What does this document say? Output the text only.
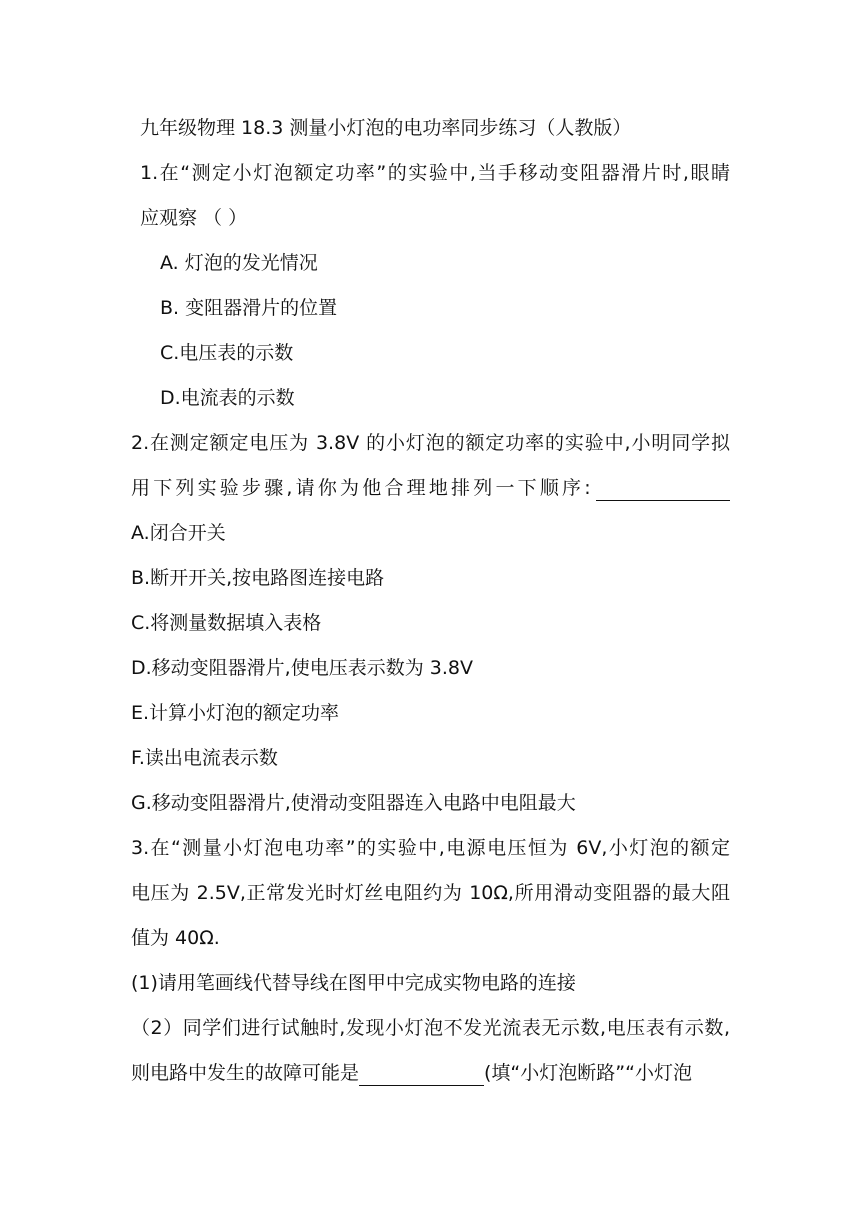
九年级物理 18.3 测量小灯泡的电功率同步练习（人教版）
1.在“测定小灯泡额定功率”的实验中,当手移动变阻器滑片时,眼睛
应观察 （ ）
A. 灯泡的发光情况
B. 变阻器滑片的位置
C.电压表的示数
D.电流表的示数
2.在测定额定电压为 3.8V 的小灯泡的额定功率的实验中,小明同学拟
用下列实验步骤,请你为他合理地排列一下顺序:
A.闭合开关
B.断开开关,按电路图连接电路
C.将测量数据填入表格
D.移动变阻器滑片,使电压表示数为 3.8V
E.计算小灯泡的额定功率
F.读出电流表示数
G.移动变阻器滑片,使滑动变阻器连入电路中电阻最大
3.在“测量小灯泡电功率”的实验中,电源电压恒为 6V,小灯泡的额定
电压为 2.5V,正常发光时灯丝电阻约为 10Ω,所用滑动变阻器的最大阻
值为 40Ω.
(1)请用笔画线代替导线在图甲中完成实物电路的连接
（2）同学们进行试触时,发现小灯泡不发光流表无示数,电压表有示数,
则电路中发生的故障可能是	(填“小灯泡断路”“小灯泡
